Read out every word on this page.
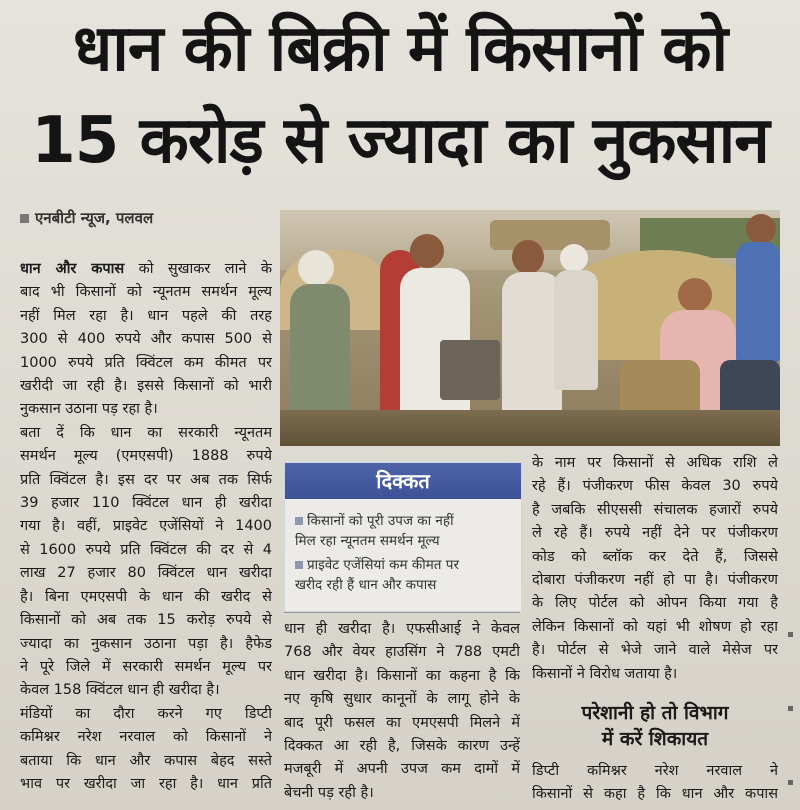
धान की बिक्री में किसानों को
15 करोड़ से ज्यादा का नुकसान
एनबीटी न्यूज, पलवल
धान और कपास को सुखाकर लाने के
बाद भी किसानों को न्यूनतम समर्थन मूल्य
नहीं मिल रहा है। धान पहले की तरह
300 से 400 रुपये और कपास 500 से
1000 रुपये प्रति क्विंटल कम कीमत पर
खरीदी जा रही है। इससे किसानों को भारी
नुकसान उठाना पड़ रहा है।
बता दें कि धान का सरकारी न्यूनतम
समर्थन मूल्य (एमएसपी) 1888 रुपये
प्रति क्विंटल है। इस दर पर अब तक सिर्फ
39 हजार 110 क्विंटल धान ही खरीदा
गया है। वहीं, प्राइवेट एजेंसियों ने 1400
से 1600 रुपये प्रति क्विंटल की दर से 4
लाख 27 हजार 80 क्विंटल धान खरीदा
है। बिना एमएसपी के धान की खरीद से
किसानों को अब तक 15 करोड़ रुपये से
ज्यादा का नुकसान उठाना पड़ा है। हैफेड
ने पूरे जिले में सरकारी समर्थन मूल्य पर
केवल 158 क्विंटल धान ही खरीदा है।
मंडियों का दौरा करने गए डिप्टी
कमिश्नर नरेश नरवाल को किसानों ने
बताया कि धान और कपास बेहद सस्ते
भाव पर खरीदा जा रहा है। धान प्रति
दिक्कत
किसानों को पूरी उपज का नहीं
मिल रहा न्यूनतम समर्थन मूल्य
प्राइवेट एजेंसियां कम कीमत पर
खरीद रही हैं धान और कपास
धान ही खरीदा है। एफसीआई ने केवल
768 और वेयर हाउसिंग ने 788 एमटी
धान खरीदा है। किसानों का कहना है कि
नए कृषि सुधार कानूनों के लागू होने के
बाद पूरी फसल का एमएसपी मिलने में
दिक्कत आ रही है, जिसके कारण उन्हें
मजबूरी में अपनी उपज कम दामों में
बेचनी पड़ रही है।
के नाम पर किसानों से अधिक राशि ले
रहे हैं। पंजीकरण फीस केवल 30 रुपये
है जबकि सीएससी संचालक हजारों रुपये
ले रहे हैं। रुपये नहीं देने पर पंजीकरण
कोड को ब्लॉक कर देते हैं, जिससे
दोबारा पंजीकरण नहीं हो पा है। पंजीकरण
के लिए पोर्टल को ओपन किया गया है
लेकिन किसानों को यहां भी शोषण हो रहा
है। पोर्टल से भेजे जाने वाले मेसेज पर
किसानों ने विरोध जताया है।
परेशानी हो तो विभाग
में करें शिकायत
डिप्टी कमिश्नर नरेश नरवाल ने
किसानों से कहा है कि धान और कपास
